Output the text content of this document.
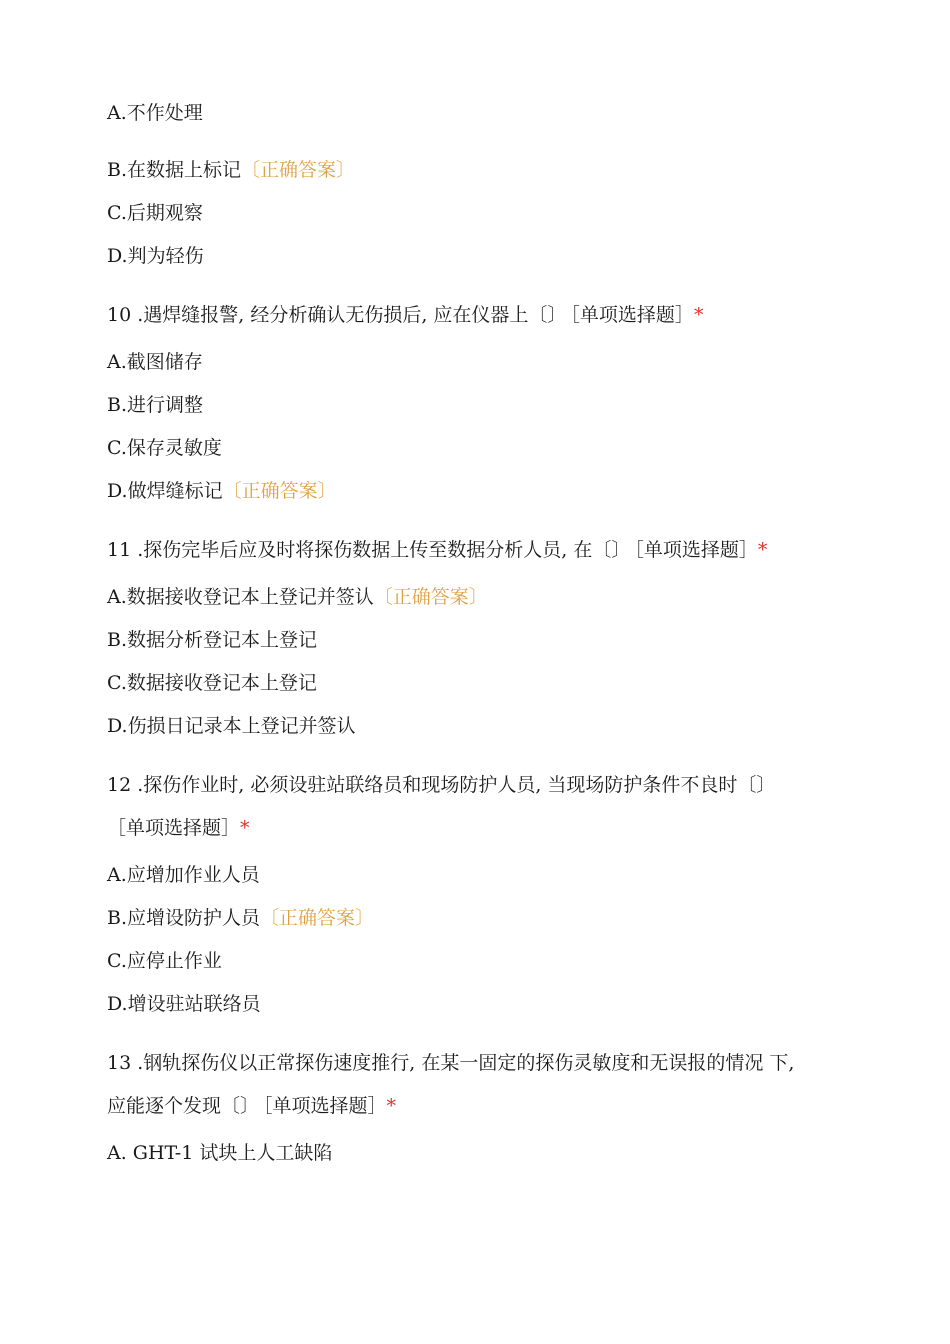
A.不作处理
B.在数据上标记〔正确答案〕
C.后期观察
D.判为轻伤
10 .遇焊缝报警, 经分析确认无伤损后, 应在仪器上〔〕 ［单项选择题］*
A.截图储存
B.进行调整
C.保存灵敏度
D.做焊缝标记〔正确答案〕
11 .探伤完毕后应及时将探伤数据上传至数据分析人员, 在〔〕 ［单项选择题］*
A.数据接收登记本上登记并签认〔正确答案〕
B.数据分析登记本上登记
C.数据接收登记本上登记
D.伤损日记录本上登记并签认
12 .探伤作业时, 必须设驻站联络员和现场防护人员, 当现场防护条件不良时〔〕
［单项选择题］*
A.应增加作业人员
B.应增设防护人员〔正确答案〕
C.应停止作业
D.增设驻站联络员
13 .钢轨探伤仪以正常探伤速度推行, 在某一固定的探伤灵敏度和无误报的情况 下,
应能逐个发现〔〕 ［单项选择题］*
A. GHT-1 试块上人工缺陷
